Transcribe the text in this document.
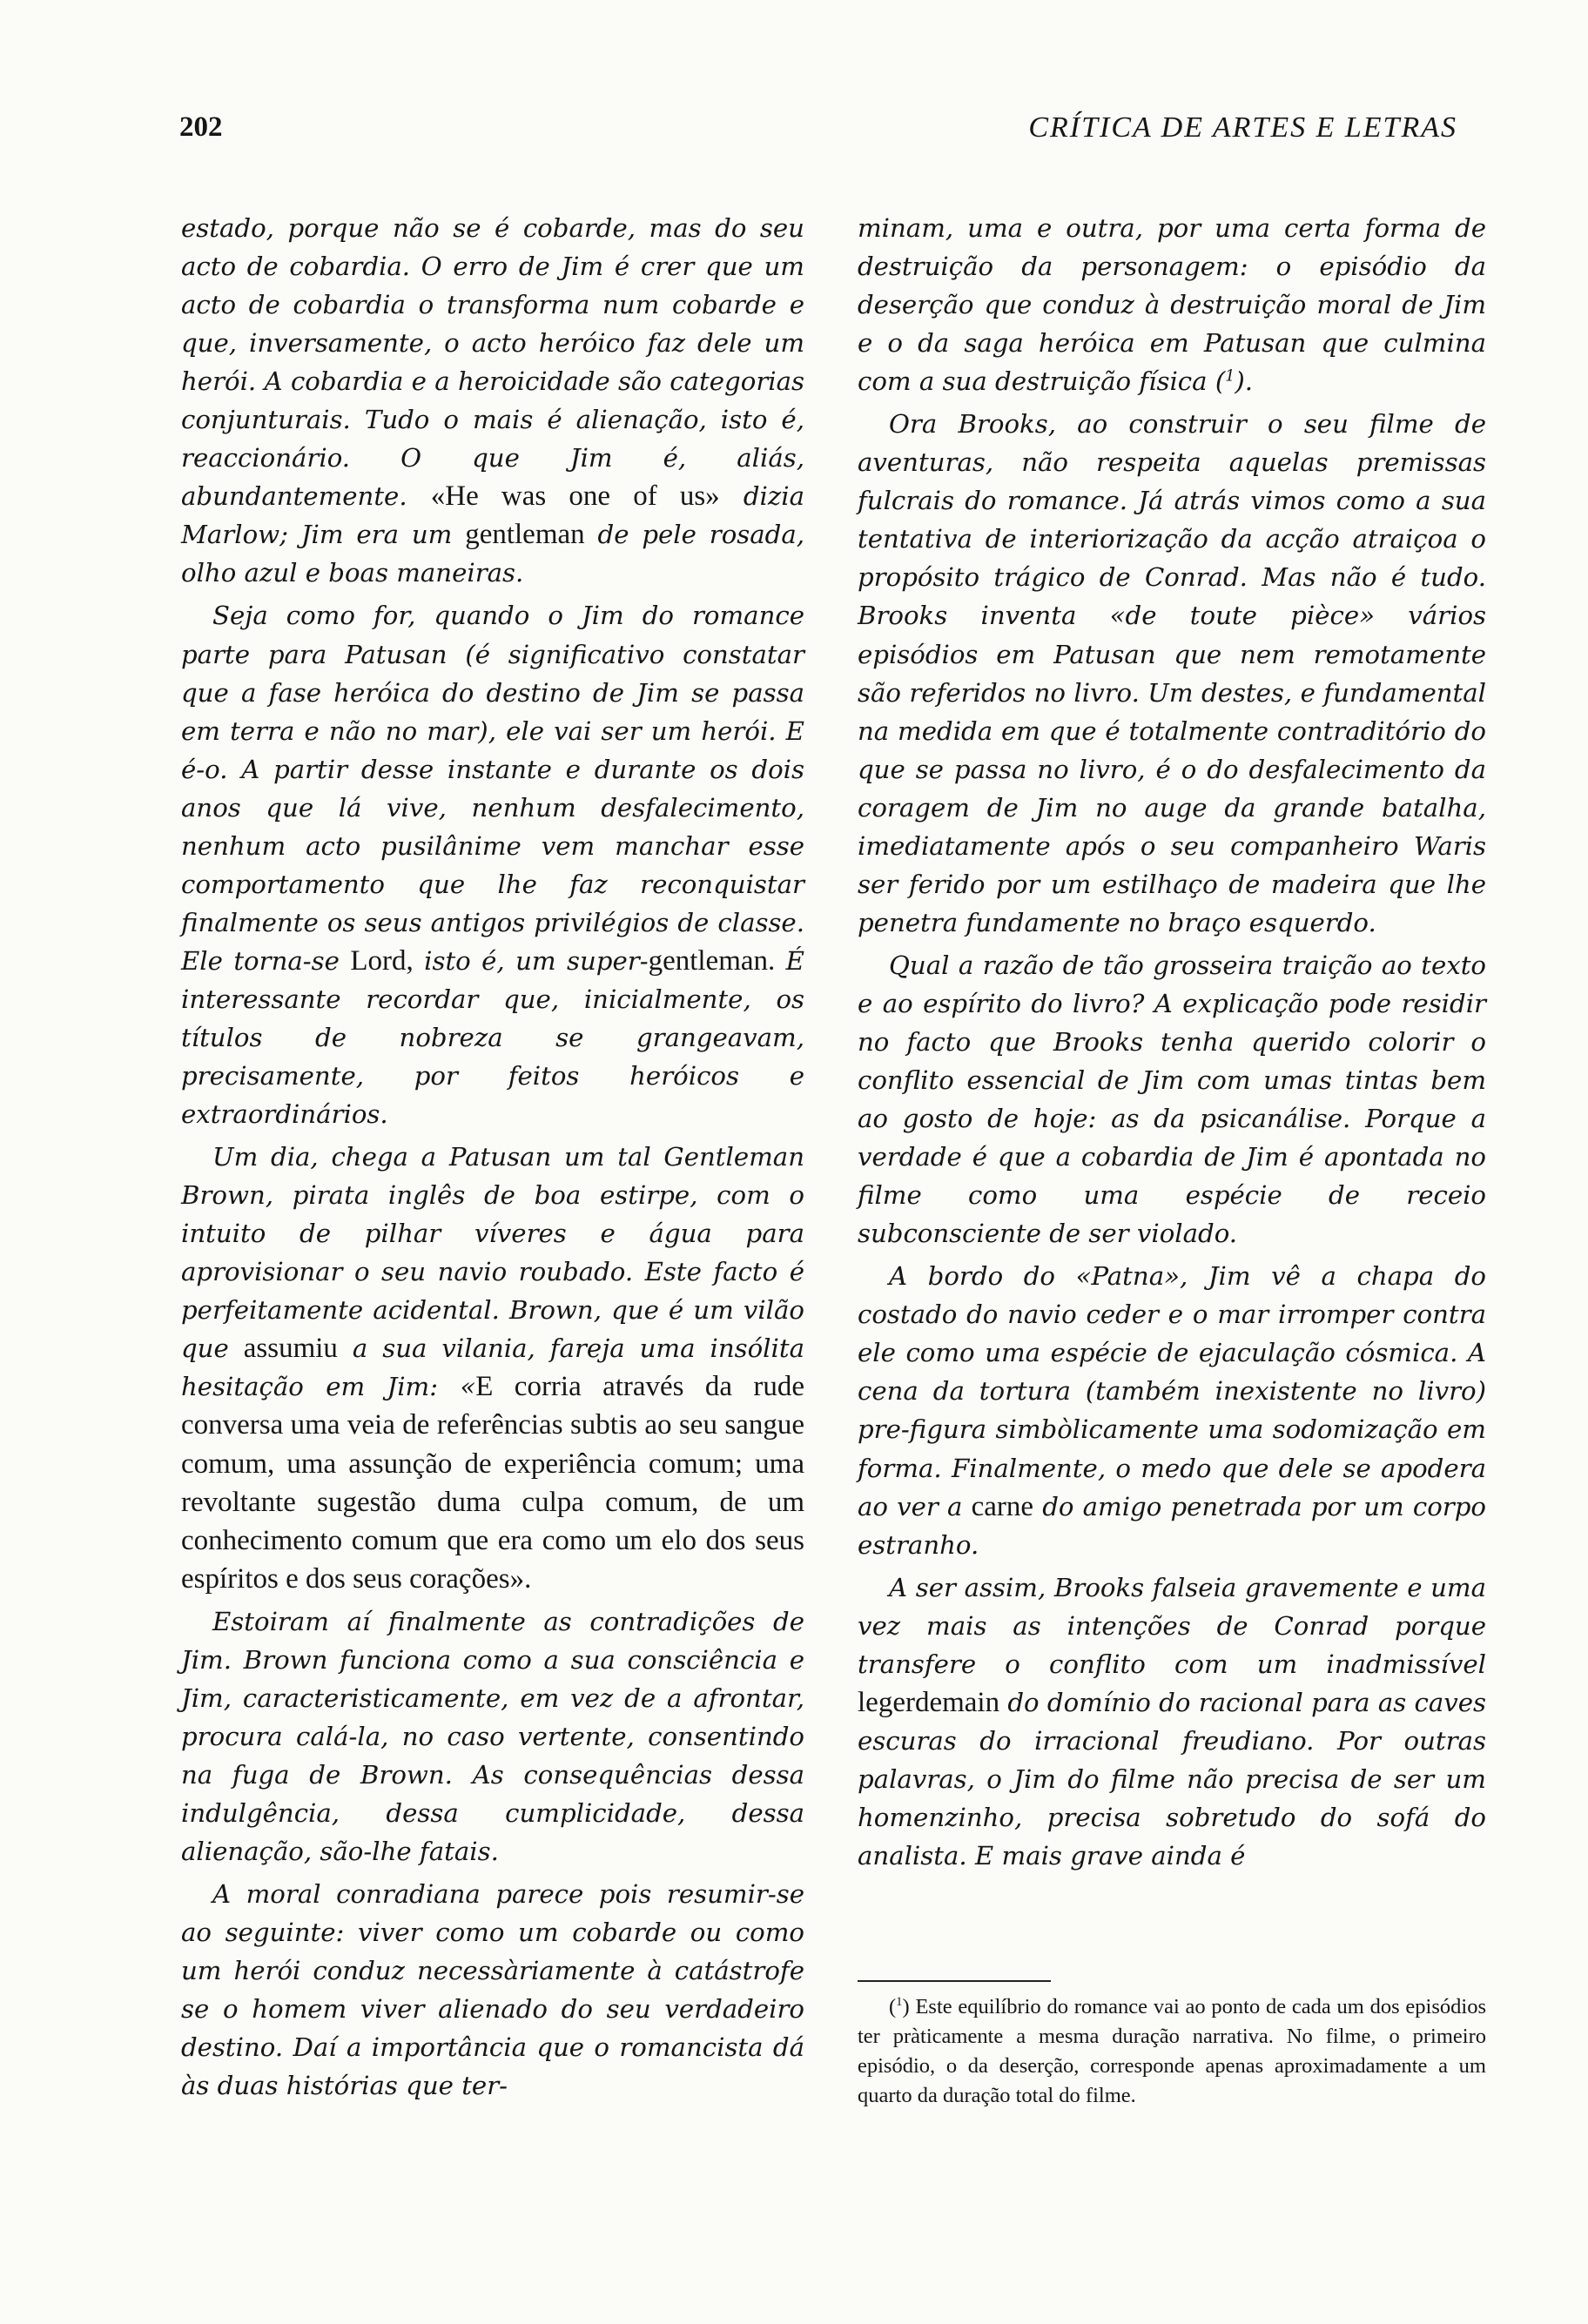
202	CRÍTICA DE ARTES E LETRAS

estado, porque não se é cobarde, mas do seu acto de cobardia. O erro de Jim é crer que um acto de cobardia o transforma num cobarde e que, inversamente, o acto heróico faz dele um herói. A cobardia e a heroicidade são categorias conjunturais. Tudo o mais é alienação, isto é, reaccionário. O que Jim é, aliás, abundantemente. «He was one of us» dizia Marlow; Jim era um gentleman de pele rosada, olho azul e boas maneiras.

Seja como for, quando o Jim do romance parte para Patusan (é significativo constatar que a fase heróica do destino de Jim se passa em terra e não no mar), ele vai ser um herói. E é-o. A partir desse instante e durante os dois anos que lá vive, nenhum desfalecimento, nenhum acto pusilânime vem manchar esse comportamento que lhe faz reconquistar finalmente os seus antigos privilégios de classe. Ele torna-se Lord, isto é, um super-gentleman. É interessante recordar que, inicialmente, os títulos de nobreza se grangeavam, precisamente, por feitos heróicos e extraordinários.

Um dia, chega a Patusan um tal Gentleman Brown, pirata inglês de boa estirpe, com o intuito de pilhar víveres e água para aprovisionar o seu navio roubado. Este facto é perfeitamente acidental. Brown, que é um vilão que assumiu a sua vilania, fareja uma insólita hesitação em Jim: «E corria através da rude conversa uma veia de referências subtis ao seu sangue comum, uma assunção de experiência comum; uma revoltante sugestão duma culpa comum, de um conhecimento comum que era como um elo dos seus espíritos e dos seus corações».

Estoiram aí finalmente as contradições de Jim. Brown funciona como a sua consciência e Jim, caracteristicamente, em vez de a afrontar, procura calá-la, no caso vertente, consentindo na fuga de Brown. As consequências dessa indulgência, dessa cumplicidade, dessa alienação, são-lhe fatais.

A moral conradiana parece pois resumir-se ao seguinte: viver como um cobarde ou como um herói conduz necessàriamente à catástrofe se o homem viver alienado do seu verdadeiro destino. Daí a importância que o romancista dá às duas histórias que ter-

minam, uma e outra, por uma certa forma de destruição da personagem: o episódio da deserção que conduz à destruição moral de Jim e o da saga heróica em Patusan que culmina com a sua destruição física ($^1$).

Ora Brooks, ao construir o seu filme de aventuras, não respeita aquelas premissas fulcrais do romance. Já atrás vimos como a sua tentativa de interiorização da acção atraiçoa o propósito trágico de Conrad. Mas não é tudo. Brooks inventa «de toute pièce» vários episódios em Patusan que nem remotamente são referidos no livro. Um destes, e fundamental na medida em que é totalmente contraditório do que se passa no livro, é o do desfalecimento da coragem de Jim no auge da grande batalha, imediatamente após o seu companheiro Waris ser ferido por um estilhaço de madeira que lhe penetra fundamente no braço esquerdo.

Qual a razão de tão grosseira traição ao texto e ao espírito do livro? A explicação pode residir no facto que Brooks tenha querido colorir o conflito essencial de Jim com umas tintas bem ao gosto de hoje: as da psicanálise. Porque a verdade é que a cobardia de Jim é apontada no filme como uma espécie de receio subconsciente de ser violado.

A bordo do «Patna», Jim vê a chapa do costado do navio ceder e o mar irromper contra ele como uma espécie de ejaculação cósmica. A cena da tortura (também inexistente no livro) pre-figura simbòlicamente uma sodomização em forma. Finalmente, o medo que dele se apodera ao ver a carne do amigo penetrada por um corpo estranho.

A ser assim, Brooks falseia gravemente e uma vez mais as intenções de Conrad porque transfere o conflito com um inadmissível legerdemain do domínio do racional para as caves escuras do irracional freudiano. Por outras palavras, o Jim do filme não precisa de ser um homenzinho, precisa sobretudo do sofá do analista. E mais grave ainda é

($^1$) Este equilíbrio do romance vai ao ponto de cada um dos episódios ter pràticamente a mesma duração narrativa. No filme, o primeiro episódio, o da deserção, corresponde apenas aproximadamente a um quarto da duração total do filme.
